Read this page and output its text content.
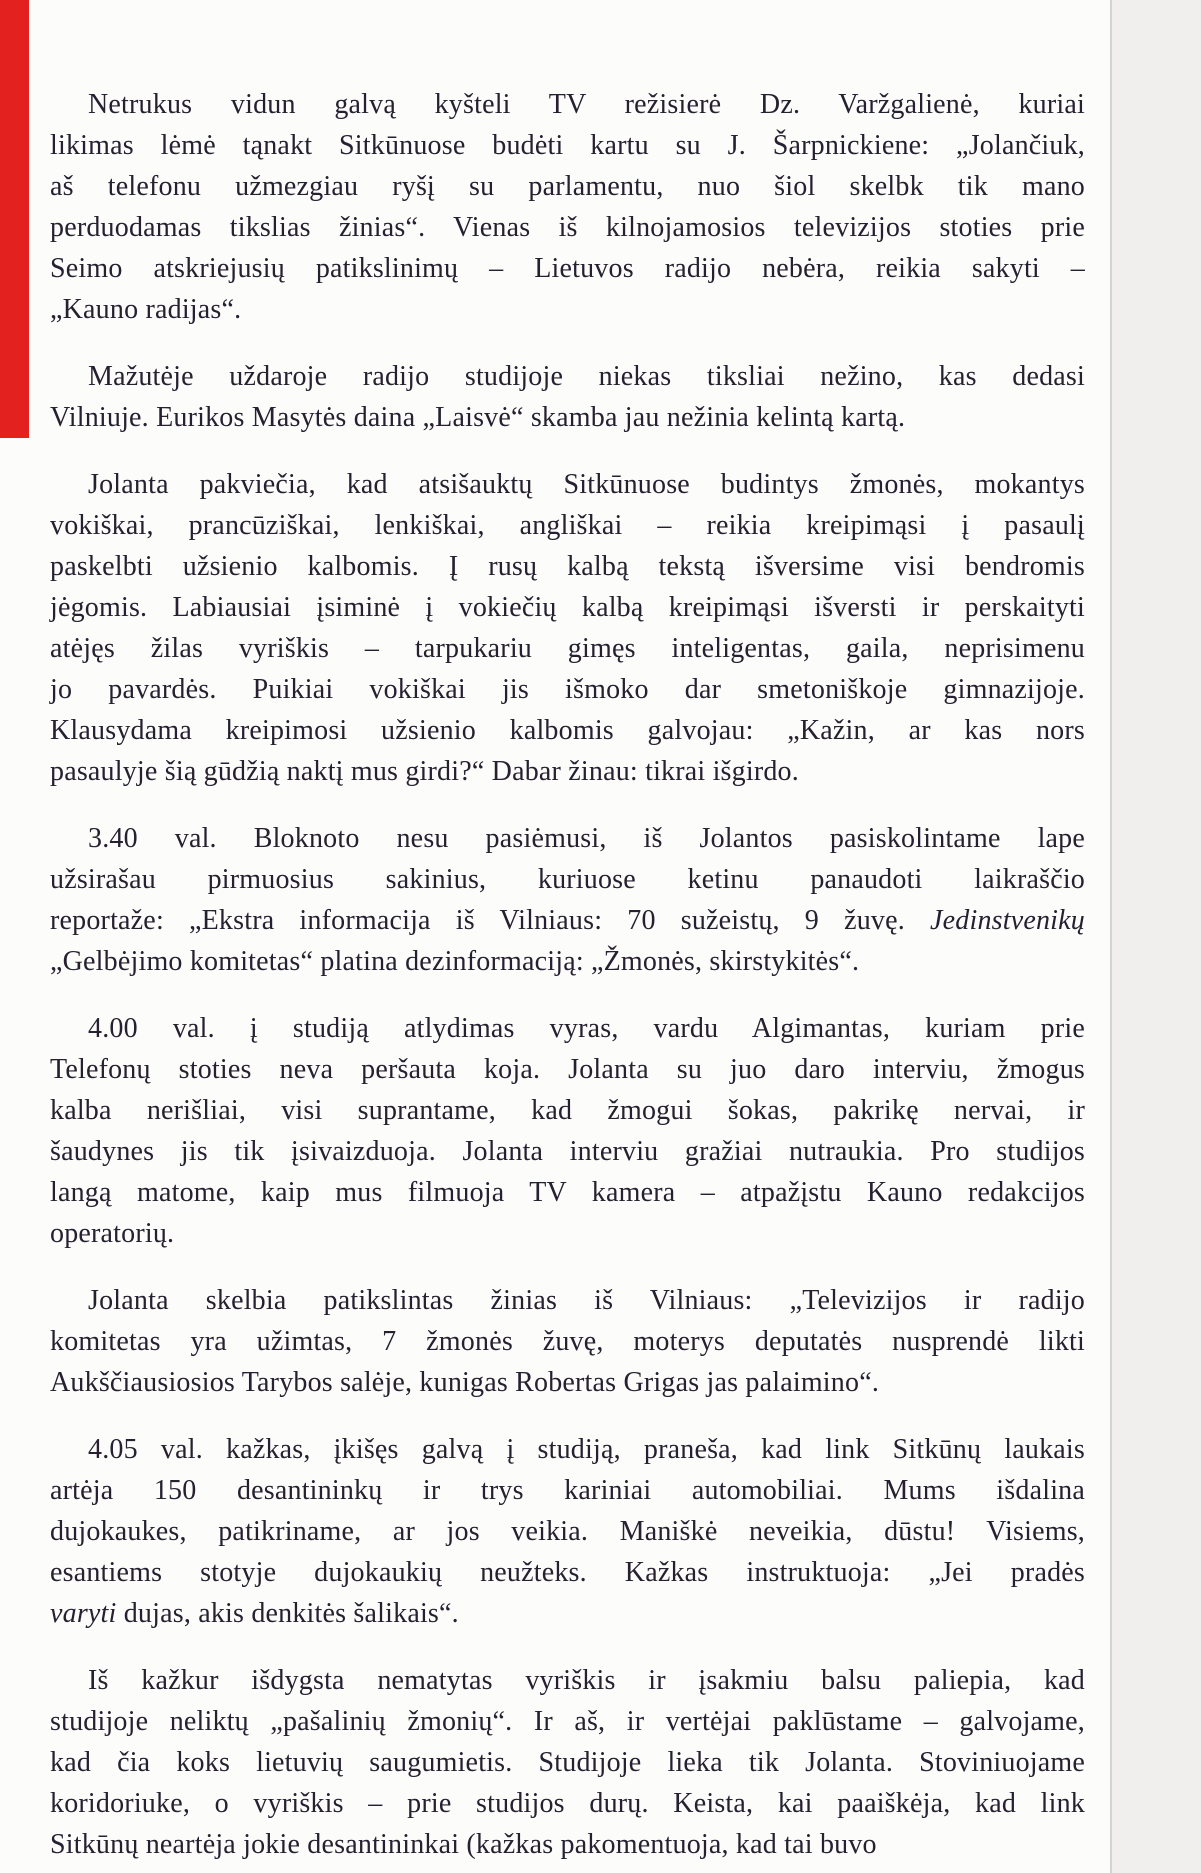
Netrukus vidun galvą kyšteli TV režisierė Dz. Varžgalienė, kuriai
likimas lėmė tąnakt Sitkūnuose budėti kartu su J. Šarpnickiene: „Jolančiuk,
aš telefonu užmezgiau ryšį su parlamentu, nuo šiol skelbk tik mano
perduodamas tikslias žinias“. Vienas iš kilnojamosios televizijos stoties prie
Seimo atskriejusių patikslinimų – Lietuvos radijo nebėra, reikia sakyti –
„Kauno radijas“.
Mažutėje uždaroje radijo studijoje niekas tiksliai nežino, kas dedasi
Vilniuje. Eurikos Masytės daina „Laisvė“ skamba jau nežinia kelintą kartą.
Jolanta pakviečia, kad atsišauktų Sitkūnuose budintys žmonės, mokantys
vokiškai, prancūziškai, lenkiškai, angliškai – reikia kreipimąsi į pasaulį
paskelbti užsienio kalbomis. Į rusų kalbą tekstą išversime visi bendromis
jėgomis. Labiausiai įsiminė į vokiečių kalbą kreipimąsi išversti ir perskaityti
atėjęs žilas vyriškis – tarpukariu gimęs inteligentas, gaila, neprisimenu
jo pavardės. Puikiai vokiškai jis išmoko dar smetoniškoje gimnazijoje.
Klausydama kreipimosi užsienio kalbomis galvojau: „Kažin, ar kas nors
pasaulyje šią gūdžią naktį mus girdi?“ Dabar žinau: tikrai išgirdo.
3.40 val. Bloknoto nesu pasiėmusi, iš Jolantos pasiskolintame lape
užsirašau pirmuosius sakinius, kuriuose ketinu panaudoti laikraščio
reportaže: „Ekstra informacija iš Vilniaus: 70 sužeistų, 9 žuvę. Jedinstvenikų
„Gelbėjimo komitetas“ platina dezinformaciją: „Žmonės, skirstykitės“.
4.00 val. į studiją atlydimas vyras, vardu Algimantas, kuriam prie
Telefonų stoties neva peršauta koja. Jolanta su juo daro interviu, žmogus
kalba nerišliai, visi suprantame, kad žmogui šokas, pakrikę nervai, ir
šaudynes jis tik įsivaizduoja. Jolanta interviu gražiai nutraukia. Pro studijos
langą matome, kaip mus filmuoja TV kamera – atpažįstu Kauno redakcijos
operatorių.
Jolanta skelbia patikslintas žinias iš Vilniaus: „Televizijos ir radijo
komitetas yra užimtas, 7 žmonės žuvę, moterys deputatės nusprendė likti
Aukščiausiosios Tarybos salėje, kunigas Robertas Grigas jas palaimino“.
4.05 val. kažkas, įkišęs galvą į studiją, praneša, kad link Sitkūnų laukais
artėja 150 desantininkų ir trys kariniai automobiliai. Mums išdalina
dujokaukes, patikriname, ar jos veikia. Maniškė neveikia, dūstu! Visiems,
esantiems stotyje dujokaukių neužteks. Kažkas instruktuoja: „Jei pradės
varyti dujas, akis denkitės šalikais“.
Iš kažkur išdygsta nematytas vyriškis ir įsakmiu balsu paliepia, kad
studijoje neliktų „pašalinių žmonių“. Ir aš, ir vertėjai paklūstame – galvojame,
kad čia koks lietuvių saugumietis. Studijoje lieka tik Jolanta. Stoviniuojame
koridoriuke, o vyriškis – prie studijos durų. Keista, kai paaiškėja, kad link
Sitkūnų neartėja jokie desantininkai (kažkas pakomentuoja, kad tai buvo
